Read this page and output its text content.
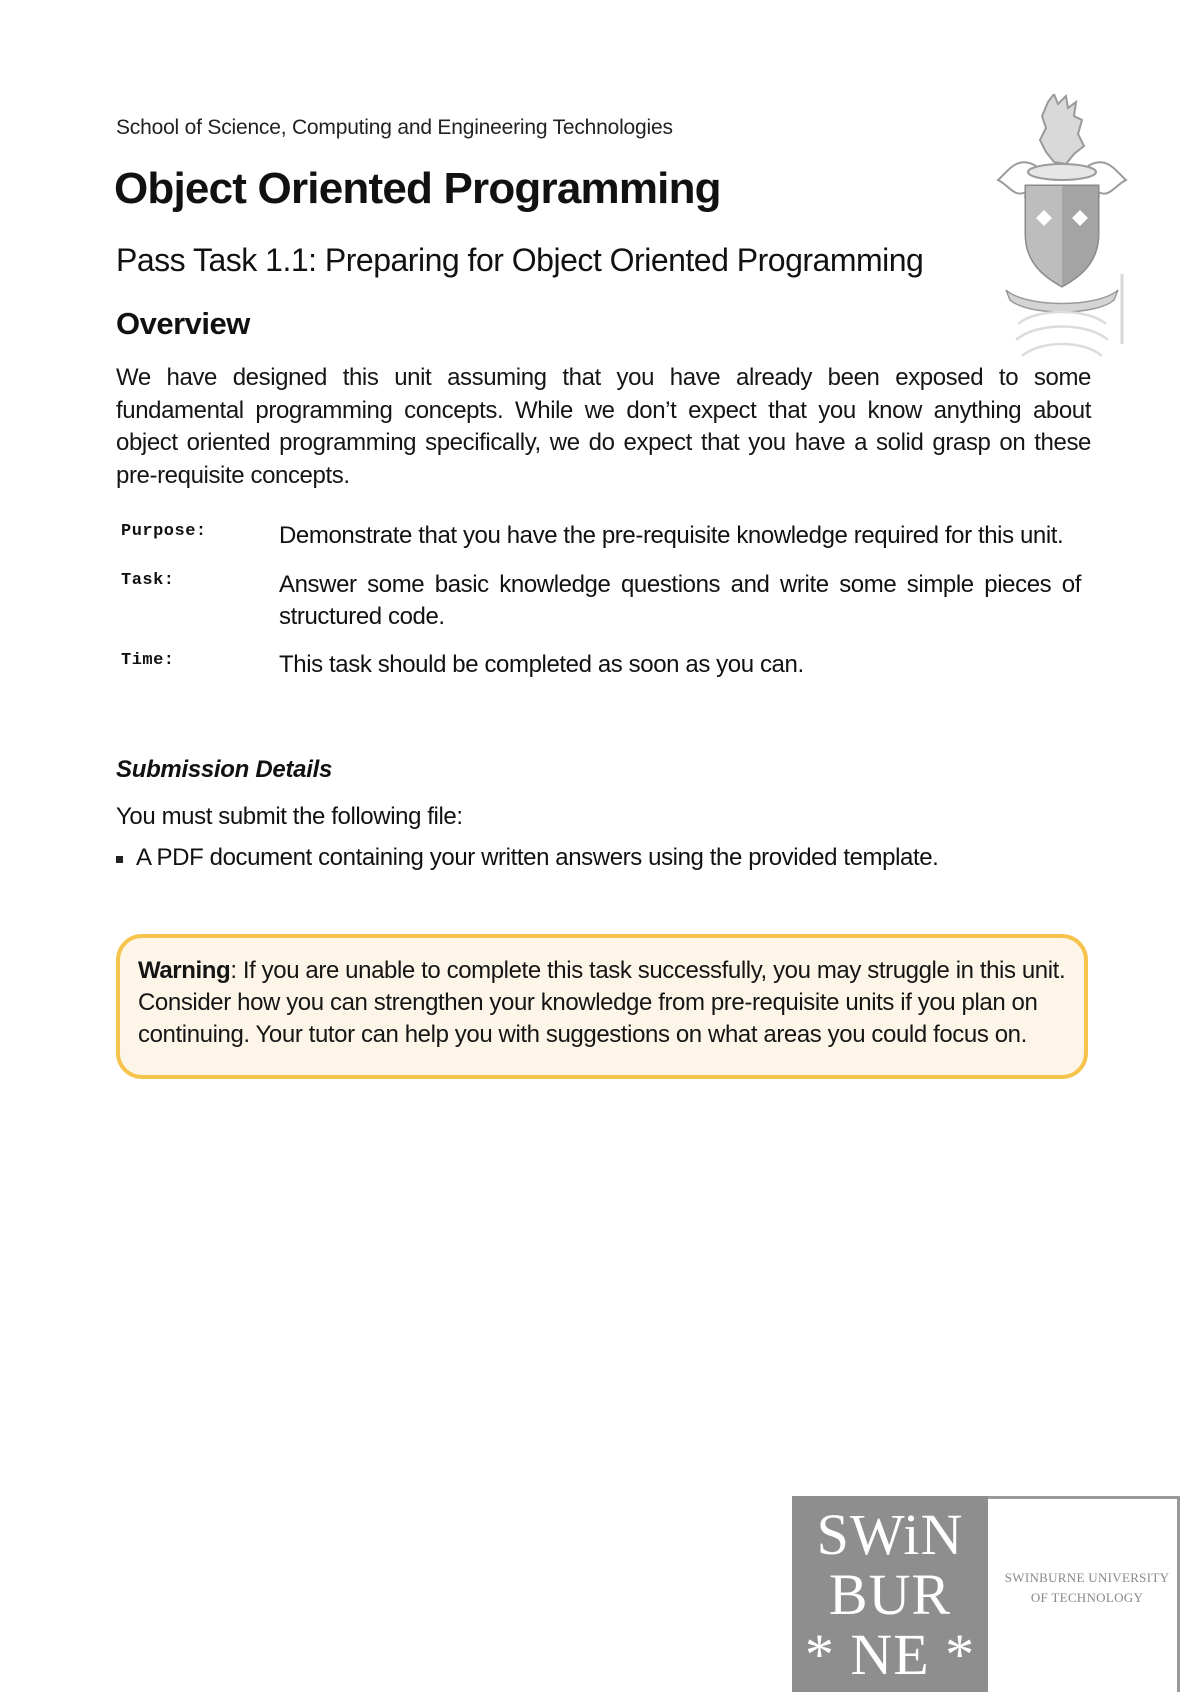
School of Science, Computing and Engineering Technologies
Object Oriented Programming
Pass Task 1.1: Preparing for Object Oriented Programming
Overview

We have designed this unit assuming that you have already been exposed to some fundamental programming concepts. While we don’t expect that you know anything about object oriented programming specifically, we do expect that you have a solid grasp on these pre-requisite concepts.

Purpose:	Demonstrate that you have the pre-requisite knowledge required for this unit.
Task:	Answer some basic knowledge questions and write some simple pieces of structured code.
Time:	This task should be completed as soon as you can.
Submission Details
You must submit the following file:
A PDF document containing your written answers using the provided template.
Warning: If you are unable to complete this task successfully, you may struggle in this unit. Consider how you can strengthen your knowledge from pre-requisite units if you plan on continuing. Your tutor can help you with suggestions on what areas you could focus on.
SWiN
BUR
* NE *
SWINBURNE UNIVERSITY
OF TECHNOLOGY
